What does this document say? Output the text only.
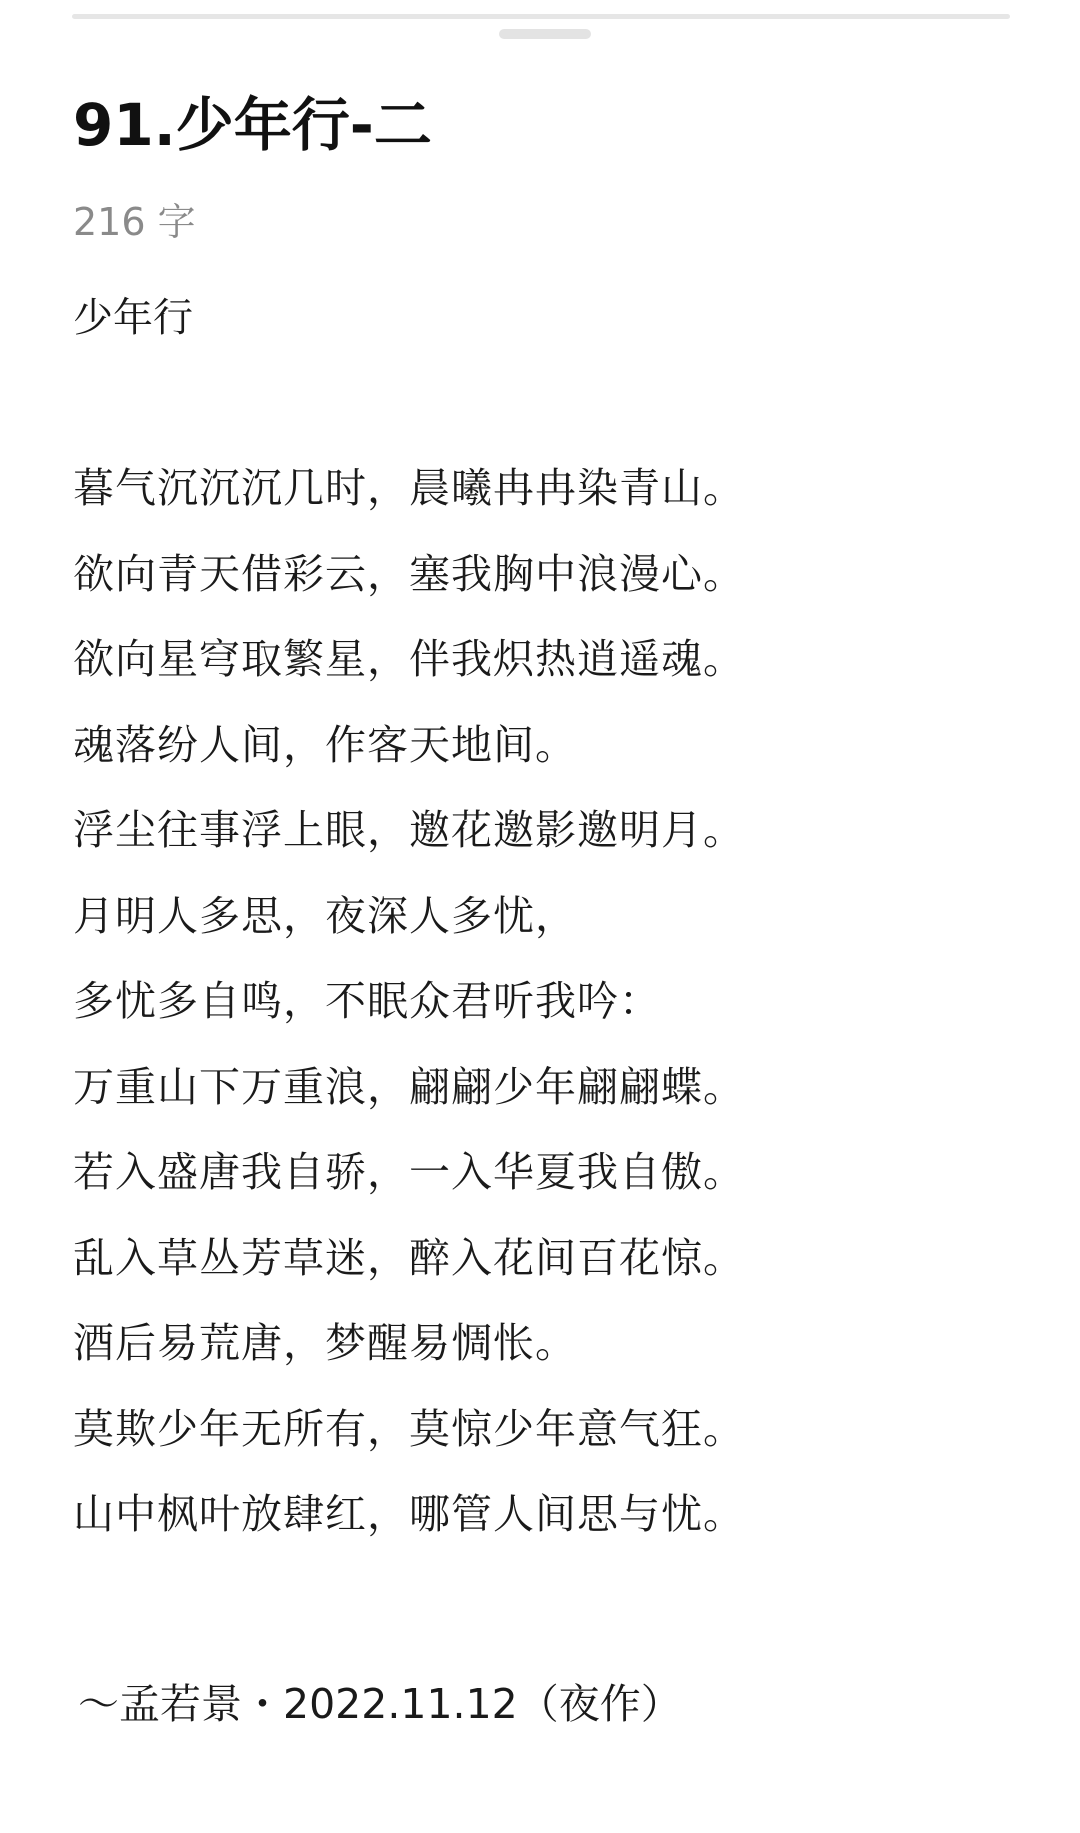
91.少年行-二
216 字
少年行
暮气沉沉沉几时，晨曦冉冉染青山。
欲向青天借彩云，塞我胸中浪漫心。
欲向星穹取繁星，伴我炽热逍遥魂。
魂落纷人间，作客天地间。
浮尘往事浮上眼，邀花邀影邀明月。
月明人多思，夜深人多忧，
多忧多自鸣，不眠众君听我吟：
万重山下万重浪，翩翩少年翩翩蝶。
若入盛唐我自骄，一入华夏我自傲。
乱入草丛芳草迷，醉入花间百花惊。
酒后易荒唐，梦醒易惆怅。
莫欺少年无所有，莫惊少年意气狂。
山中枫叶放肆红，哪管人间思与忧。
～孟若景・2022.11.12（夜作）
